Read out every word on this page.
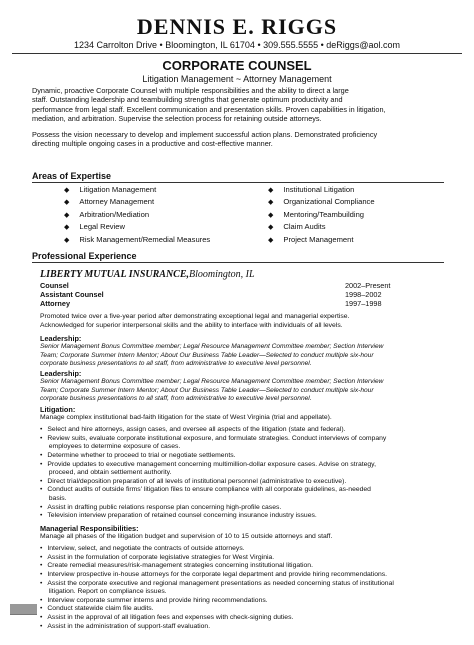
DENNIS E. RIGGS
1234 Carrolton Drive • Bloomington, IL 61704 • 309.555.5555 • deRiggs@aol.com
CORPORATE COUNSEL
Litigation Management ~ Attorney Management
Dynamic, proactive Corporate Counsel with multiple responsibilities and the ability to direct a large
staff. Outstanding leadership and teambuilding strengths that generate optimum productivity and
performance from legal staff. Excellent communication and presentation skills. Proven capabilities in litigation,
mediation, and arbitration. Supervise the selection process for retaining outside attorneys.
Possess the vision necessary to develop and implement successful action plans. Demonstrated proficiency
directing multiple ongoing cases in a productive and cost-effective manner.
Areas of Expertise
◆ Litigation Management
◆ Attorney Management
◆ Arbitration/Mediation
◆ Legal Review
◆ Risk Management/Remedial Measures
◆ Institutional Litigation
◆ Organizational Compliance
◆ Mentoring/Teambuilding
◆ Claim Audits
◆ Project Management
Professional Experience
LIBERTY MUTUAL INSURANCE,Bloomington, IL
Counsel	2002–Present
Assistant Counsel	1998–2002
Attorney	1997–1998
Promoted twice over a five-year period after demonstrating exceptional legal and managerial expertise.
Acknowledged for superior interpersonal skills and the ability to interface with individuals of all levels.
Leadership:
Senior Management Bonus Committee member; Legal Resource Management Committee member; Section Interview
Team; Corporate Summer Intern Mentor; About Our Business Table Leader—Selected to conduct multiple six-hour
corporate business presentations to all staff, from administrative to executive level personnel.
Leadership:
Senior Management Bonus Committee member; Legal Resource Management Committee member; Section Interview
Team; Corporate Summer Intern Mentor; About Our Business Table Leader—Selected to conduct multiple six-hour
corporate business presentations to all staff, from administrative to executive level personnel.
Litigation:
Manage complex institutional bad-faith litigation for the state of West Virginia (trial and appellate).
• Select and hire attorneys, assign cases, and oversee all aspects of the litigation (state and federal).
• Review suits, evaluate corporate institutional exposure, and formulate strategies. Conduct interviews of company
employees to determine exposure of cases.
• Determine whether to proceed to trial or negotiate settlements.
• Provide updates to executive management concerning multimillion-dollar exposure cases. Advise on strategy,
proceed, and obtain settlement authority.
• Direct trial/deposition preparation of all levels of institutional personnel (administrative to executive).
• Conduct audits of outside firms' litigation files to ensure compliance with all corporate guidelines, as-needed
basis.
• Assist in drafting public relations response plan concerning high-profile cases.
• Television interview preparation of retained counsel concerning insurance industry issues.
Managerial Responsibilities:
Manage all phases of the litigation budget and supervision of 10 to 15 outside attorneys and staff.
• Interview, select, and negotiate the contracts of outside attorneys.
• Assist in the formulation of corporate legislative strategies for West Virginia.
• Create remedial measures/risk-management strategies concerning institutional litigation.
• Interview prospective in-house attorneys for the corporate legal department and provide hiring recommendations.
• Assist the corporate executive and regional management presentations as needed concerning status of institutional
litigation. Report on compliance issues.
• Interview corporate summer interns and provide hiring recommendations.
• Conduct statewide claim file audits.
• Assist in the approval of all litigation fees and expenses with check-signing duties.
• Assist in the administration of support-staff evaluation.
